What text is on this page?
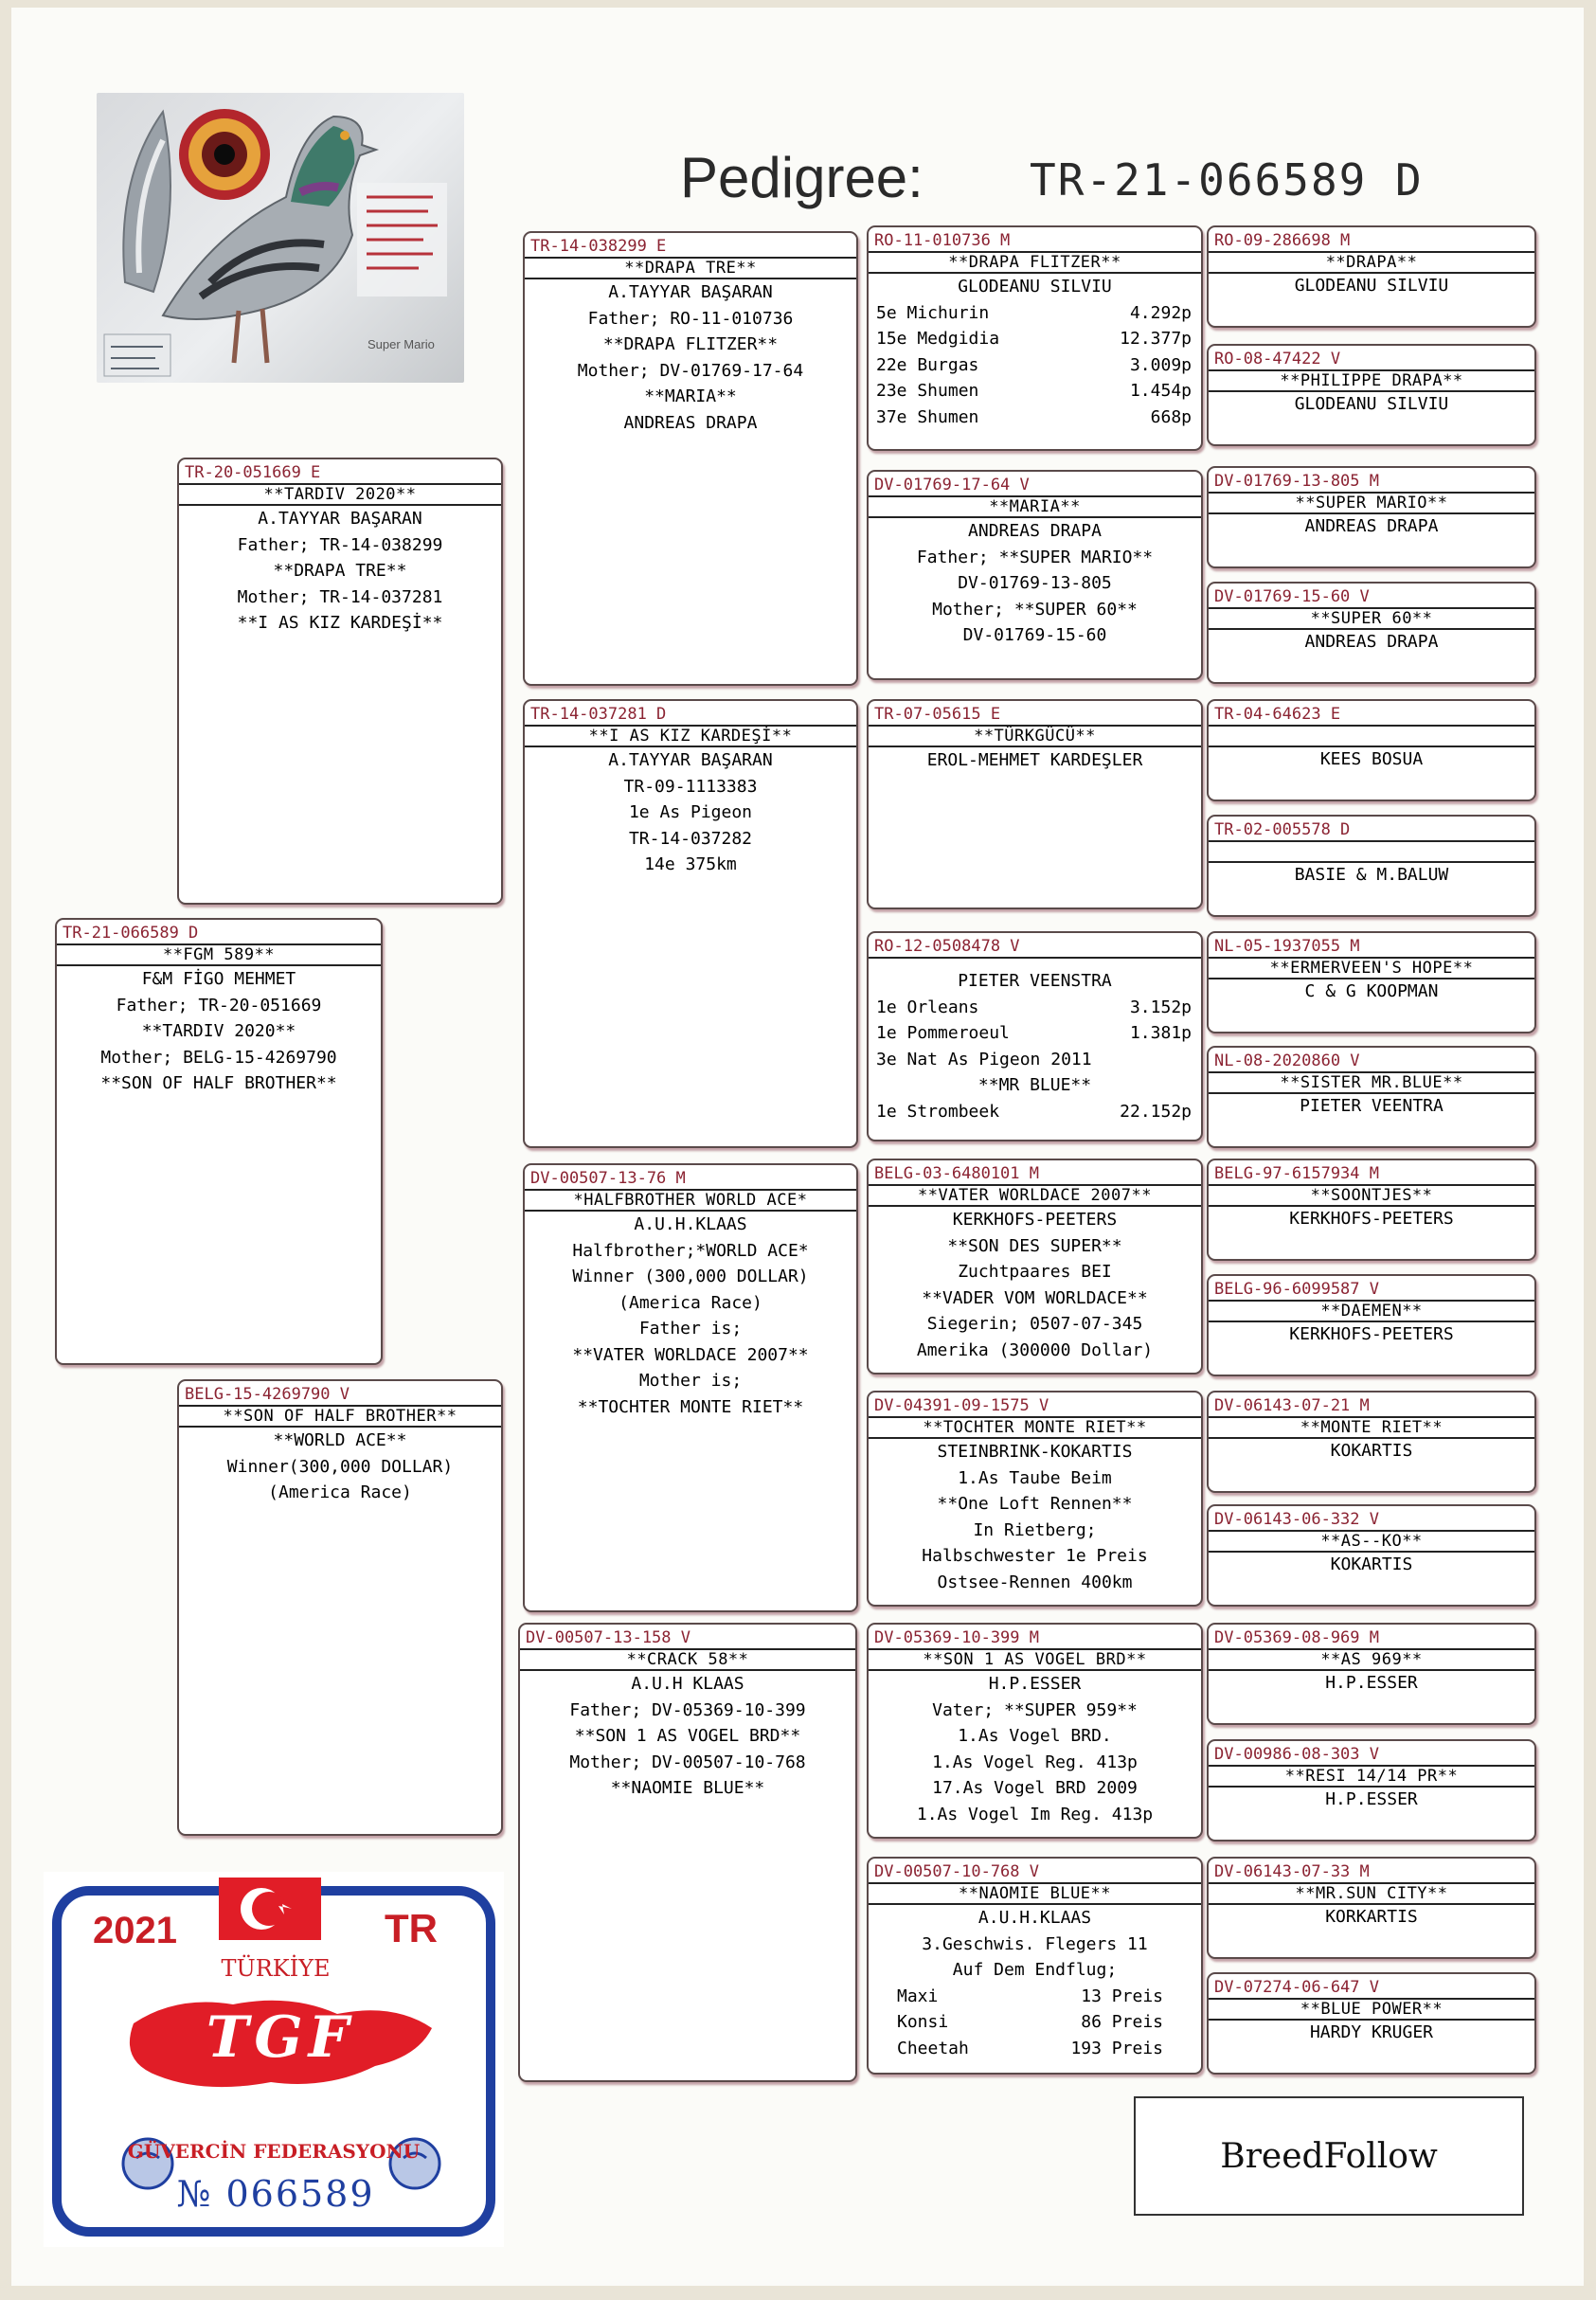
Super Mario
Pedigree: TR-21-066589 D
TR-21-066589 D
**FGM 589**
F&M FİGO MEHMET
Father; TR-20-051669
**TARDIV 2020**
Mother; BELG-15-4269790
**SON OF HALF BROTHER**
TR-20-051669 E
**TARDIV 2020**
A.TAYYAR BAŞARAN
Father; TR-14-038299
**DRAPA TRE**
Mother; TR-14-037281
**I AS KIZ KARDEŞİ**
BELG-15-4269790 V
**SON OF HALF BROTHER**
**WORLD ACE**
Winner(300,000 DOLLAR)
(America Race)
TR-14-038299 E
**DRAPA TRE**
A.TAYYAR BAŞARAN
Father; RO-11-010736
**DRAPA FLITZER**
Mother; DV-01769-17-64
**MARIA**
ANDREAS DRAPA
TR-14-037281 D
**I AS KIZ KARDEŞİ**
A.TAYYAR BAŞARAN
TR-09-1113383
1e As Pigeon
TR-14-037282
14e 375km
DV-00507-13-76 M
*HALFBROTHER WORLD ACE*
A.U.H.KLAAS
Halfbrother;*WORLD ACE*
Winner (300,000 DOLLAR)
(America Race)
Father is;
**VATER WORLDACE 2007**
Mother is;
**TOCHTER MONTE RIET**
DV-00507-13-158 V
**CRACK 58**
A.U.H KLAAS
Father; DV-05369-10-399
**SON 1 AS VOGEL BRD**
Mother; DV-00507-10-768
**NAOMIE BLUE**
RO-11-010736 M
**DRAPA FLITZER**
GLODEANU SILVIU
5e Michurin	4.292p
15e Medgidia	12.377p
22e Burgas	3.009p
23e Shumen	1.454p
37e Shumen	668p
DV-01769-17-64 V
**MARIA**
ANDREAS DRAPA
Father; **SUPER MARIO**
DV-01769-13-805
Mother; **SUPER 60**
DV-01769-15-60
TR-07-05615 E
**TÜRKGÜCÜ**
EROL-MEHMET KARDEŞLER
RO-12-0508478 V
PIETER VEENSTRA
1e Orleans	3.152p
1e Pommeroeul	1.381p
3e Nat As Pigeon 2011
**MR BLUE**
1e Strombeek	22.152p
BELG-03-6480101 M
**VATER WORLDACE 2007**
KERKHOFS-PEETERS
**SON DES SUPER**
Zuchtpaares BEI
**VADER VOM WORLDACE**
Siegerin; 0507-07-345
Amerika (300000 Dollar)
DV-04391-09-1575 V
**TOCHTER MONTE RIET**
STEINBRINK-KOKARTIS
1.As Taube Beim
**One Loft Rennen**
In Rietberg;
Halbschwester 1e Preis
Ostsee-Rennen 400km
DV-05369-10-399 M
**SON 1 AS VOGEL BRD**
H.P.ESSER
Vater; **SUPER 959**
1.As Vogel BRD.
1.As Vogel Reg. 413p
17.As Vogel BRD 2009
1.As Vogel Im Reg. 413p
DV-00507-10-768 V
**NAOMIE BLUE**
A.U.H.KLAAS
3.Geschwis. Flegers 11
Auf Dem Endflug;
Maxi	13 Preis
Konsi	86 Preis
Cheetah	193 Preis
RO-09-286698 M
**DRAPA**
GLODEANU SILVIU
RO-08-47422 V
**PHILIPPE DRAPA**
GLODEANU SILVIU
DV-01769-13-805 M
**SUPER MARIO**
ANDREAS DRAPA
DV-01769-15-60 V
**SUPER 60**
ANDREAS DRAPA
TR-04-64623 E
KEES BOSUA
TR-02-005578 D
BASIE & M.BALUW
NL-05-1937055 M
**ERMERVEEN'S HOPE**
C & G KOOPMAN
NL-08-2020860 V
**SISTER MR.BLUE**
PIETER VEENTRA
BELG-97-6157934 M
**SOONTJES**
KERKHOFS-PEETERS
BELG-96-6099587 V
**DAEMEN**
KERKHOFS-PEETERS
DV-06143-07-21 M
**MONTE RIET**
KOKARTIS
DV-06143-06-332 V
**AS--KO**
KOKARTIS
DV-05369-08-969 M
**AS 969**
H.P.ESSER
DV-00986-08-303 V
**RESI 14/14 PR**
H.P.ESSER
DV-06143-07-33 M
**MR.SUN CITY**
KORKARTIS
DV-07274-06-647 V
**BLUE POWER**
HARDY KRUGER
2021	TR
TÜRKİYE
TGF
GÜVERCİN FEDERASYONU
№ 066589
BreedFollow
